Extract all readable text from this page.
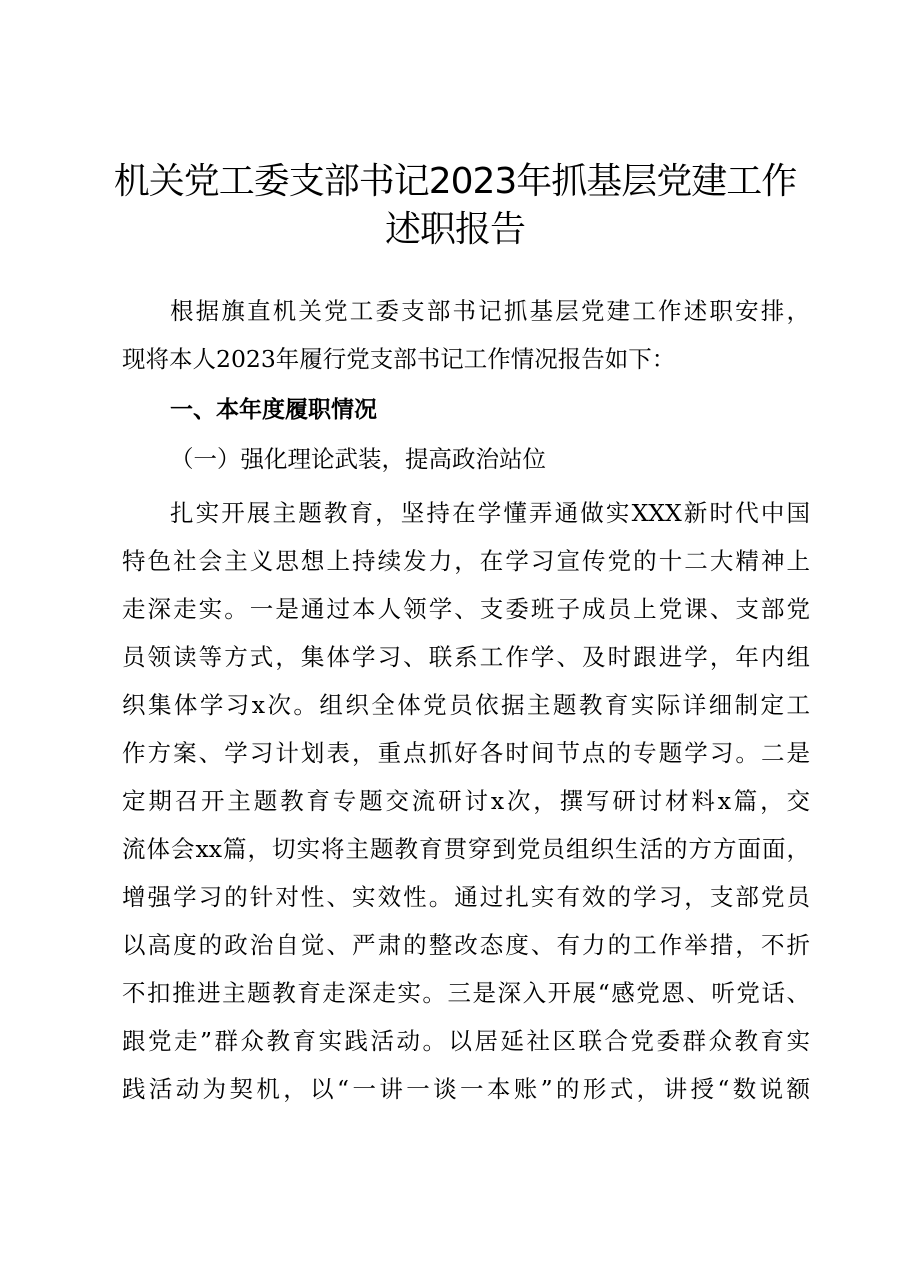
机关党工委支部书记2023年抓基层党建工作
述职报告

根据旗直机关党工委支部书记抓基层党建工作述职安排，
现将本人2023年履行党支部书记工作情况报告如下：

一、本年度履职情况
（一）强化理论武装，提高政治站位

扎实开展主题教育，坚持在学懂弄通做实XXX新时代中国
特色社会主义思想上持续发力，在学习宣传党的十二大精神上
走深走实。一是通过本人领学、支委班子成员上党课、支部党
员领读等方式，集体学习、联系工作学、及时跟进学，年内组
织集体学习x次。组织全体党员依据主题教育实际详细制定工
作方案、学习计划表，重点抓好各时间节点的专题学习。二是
定期召开主题教育专题交流研讨x次，撰写研讨材料x篇，交
流体会xx篇，切实将主题教育贯穿到党员组织生活的方方面面，
增强学习的针对性、实效性。通过扎实有效的学习，支部党员
以高度的政治自觉、严肃的整改态度、有力的工作举措，不折
不扣推进主题教育走深走实。三是深入开展“感党恩、听党话、
跟党走”群众教育实践活动。以居延社区联合党委群众教育实
践活动为契机，以“一讲一谈一本账”的形式，讲授“数说额
